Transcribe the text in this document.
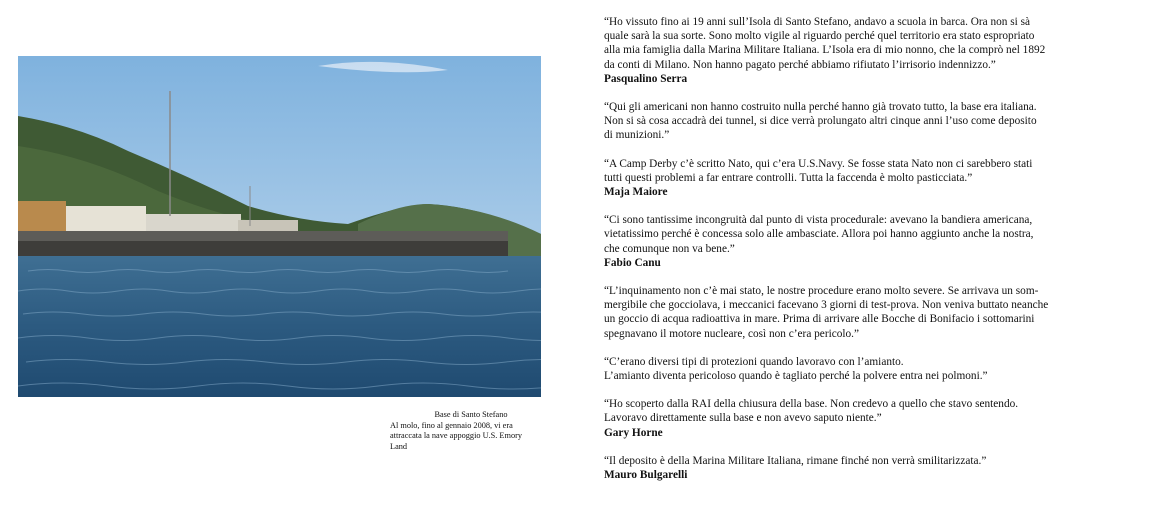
Base di Santo Stefano
Al molo, fino al gennaio 2008, vi era attraccata la nave appoggio U.S. Emory Land
“Ho vissuto fino ai 19 anni sull’Isola di Santo Stefano, andavo a scuola in barca. Ora non si sà
quale sarà la sua sorte. Sono molto vigile al riguardo perché quel territorio era stato espropriato
alla mia famiglia dalla Marina Militare Italiana. L’Isola era di mio nonno, che la comprò nel 1892
da conti di Milano. Non hanno pagato perché abbiamo rifiutato l’irrisorio indennizzo.”
Pasqualino Serra
“Qui gli americani non hanno costruito nulla perché hanno già trovato tutto, la base era italiana.
Non si sà cosa accadrà dei tunnel, si dice verrà prolungato altri cinque anni l’uso come deposito
di munizioni.”
“A Camp Derby c’è scritto Nato, qui c’era U.S.Navy. Se fosse stata Nato non ci sarebbero stati
tutti questi problemi a far entrare controlli. Tutta la faccenda è molto pasticciata.”
Maja Maiore
“Ci sono tantissime incongruità dal punto di vista procedurale: avevano la bandiera americana,
vietatissimo perché è concessa solo alle ambasciate. Allora poi hanno aggiunto anche la nostra,
che comunque non va bene.”
Fabio Canu
“L’inquinamento non c’è mai stato, le nostre procedure erano molto severe. Se arrivava un som-
mergibile che gocciolava, i meccanici facevano 3 giorni di test-prova. Non veniva buttato neanche
un goccio di acqua radioattiva in mare. Prima di arrivare alle Bocche di Bonifacio i sottomarini
spegnavano il motore nucleare, così non c’era pericolo.”
“C’erano diversi tipi di protezioni quando lavoravo con l’amianto.
L’amianto diventa pericoloso quando è tagliato perché la polvere entra nei polmoni.”
“Ho scoperto dalla RAI della chiusura della base. Non credevo a quello che stavo sentendo.
Lavoravo direttamente sulla base e non avevo saputo niente.”
Gary Horne
“Il deposito è della Marina Militare Italiana, rimane finché non verrà smilitarizzata.”
Mauro Bulgarelli
